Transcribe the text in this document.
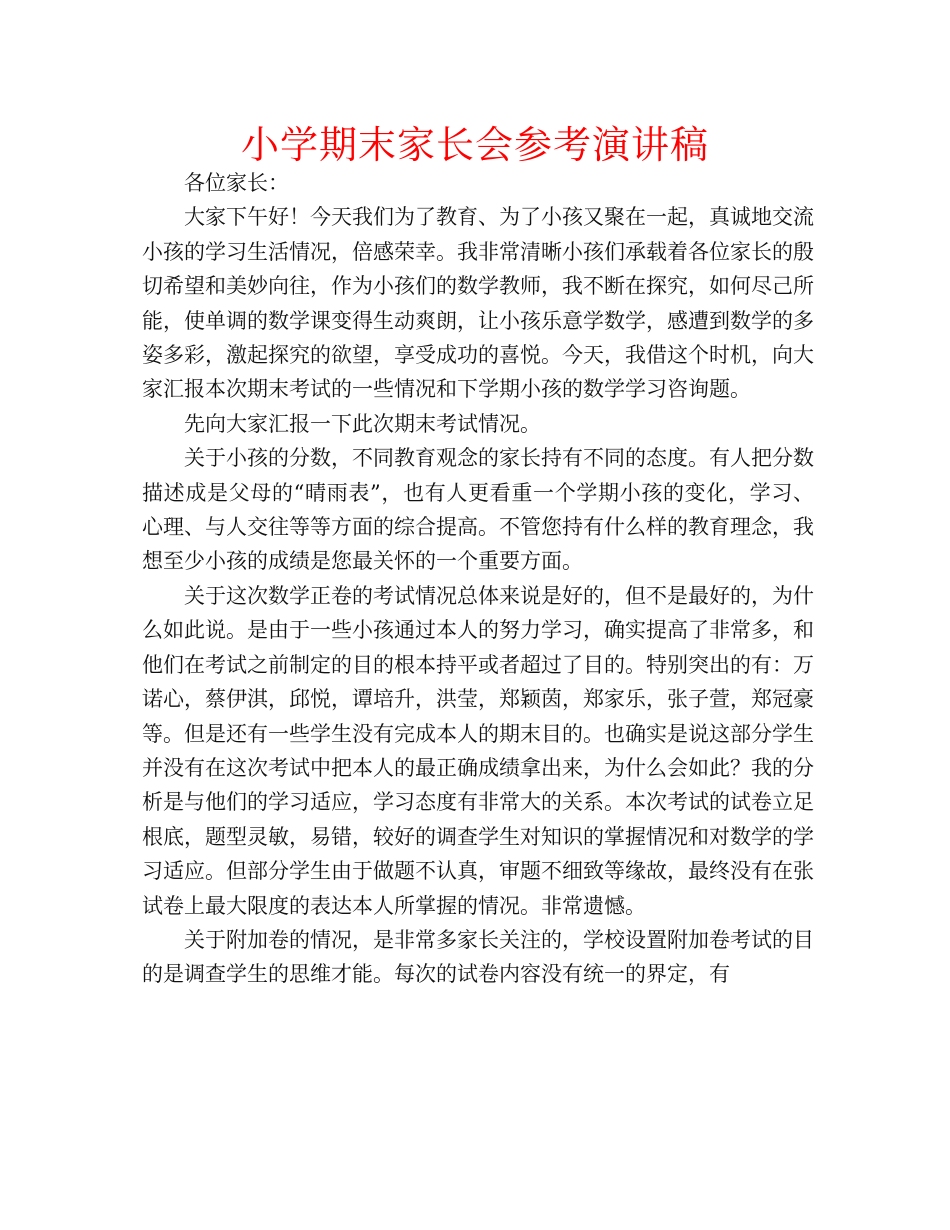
小学期末家长会参考演讲稿

各位家长：

大家下午好！今天我们为了教育、为了小孩又聚在一起，真诚地交流小孩的学习生活情况，倍感荣幸。我非常清晰小孩们承载着各位家长的殷切希望和美妙向往，作为小孩们的数学教师，我不断在探究，如何尽己所能，使单调的数学课变得生动爽朗，让小孩乐意学数学，感遭到数学的多姿多彩，激起探究的欲望，享受成功的喜悦。今天，我借这个时机，向大家汇报本次期末考试的一些情况和下学期小孩的数学学习咨询题。

先向大家汇报一下此次期末考试情况。

关于小孩的分数，不同教育观念的家长持有不同的态度。有人把分数描述成是父母的“晴雨表”，也有人更看重一个学期小孩的变化，学习、心理、与人交往等等方面的综合提高。不管您持有什么样的教育理念，我想至少小孩的成绩是您最关怀的一个重要方面。

关于这次数学正卷的考试情况总体来说是好的，但不是最好的，为什么如此说。是由于一些小孩通过本人的努力学习，确实提高了非常多，和他们在考试之前制定的目的根本持平或者超过了目的。特别突出的有：万诺心，蔡伊淇，邱悦，谭培升，洪莹，郑颖茵，郑家乐，张子萱，郑冠豪等。但是还有一些学生没有完成本人的期末目的。也确实是说这部分学生并没有在这次考试中把本人的最正确成绩拿出来，为什么会如此？我的分析是与他们的学习适应，学习态度有非常大的关系。本次考试的试卷立足根底，题型灵敏，易错，较好的调查学生对知识的掌握情况和对数学的学习适应。但部分学生由于做题不认真，审题不细致等缘故，最终没有在张试卷上最大限度的表达本人所掌握的情况。非常遗憾。

关于附加卷的情况，是非常多家长关注的，学校设置附加卷考试的目的是调查学生的思维才能。每次的试卷内容没有统一的界定，有
